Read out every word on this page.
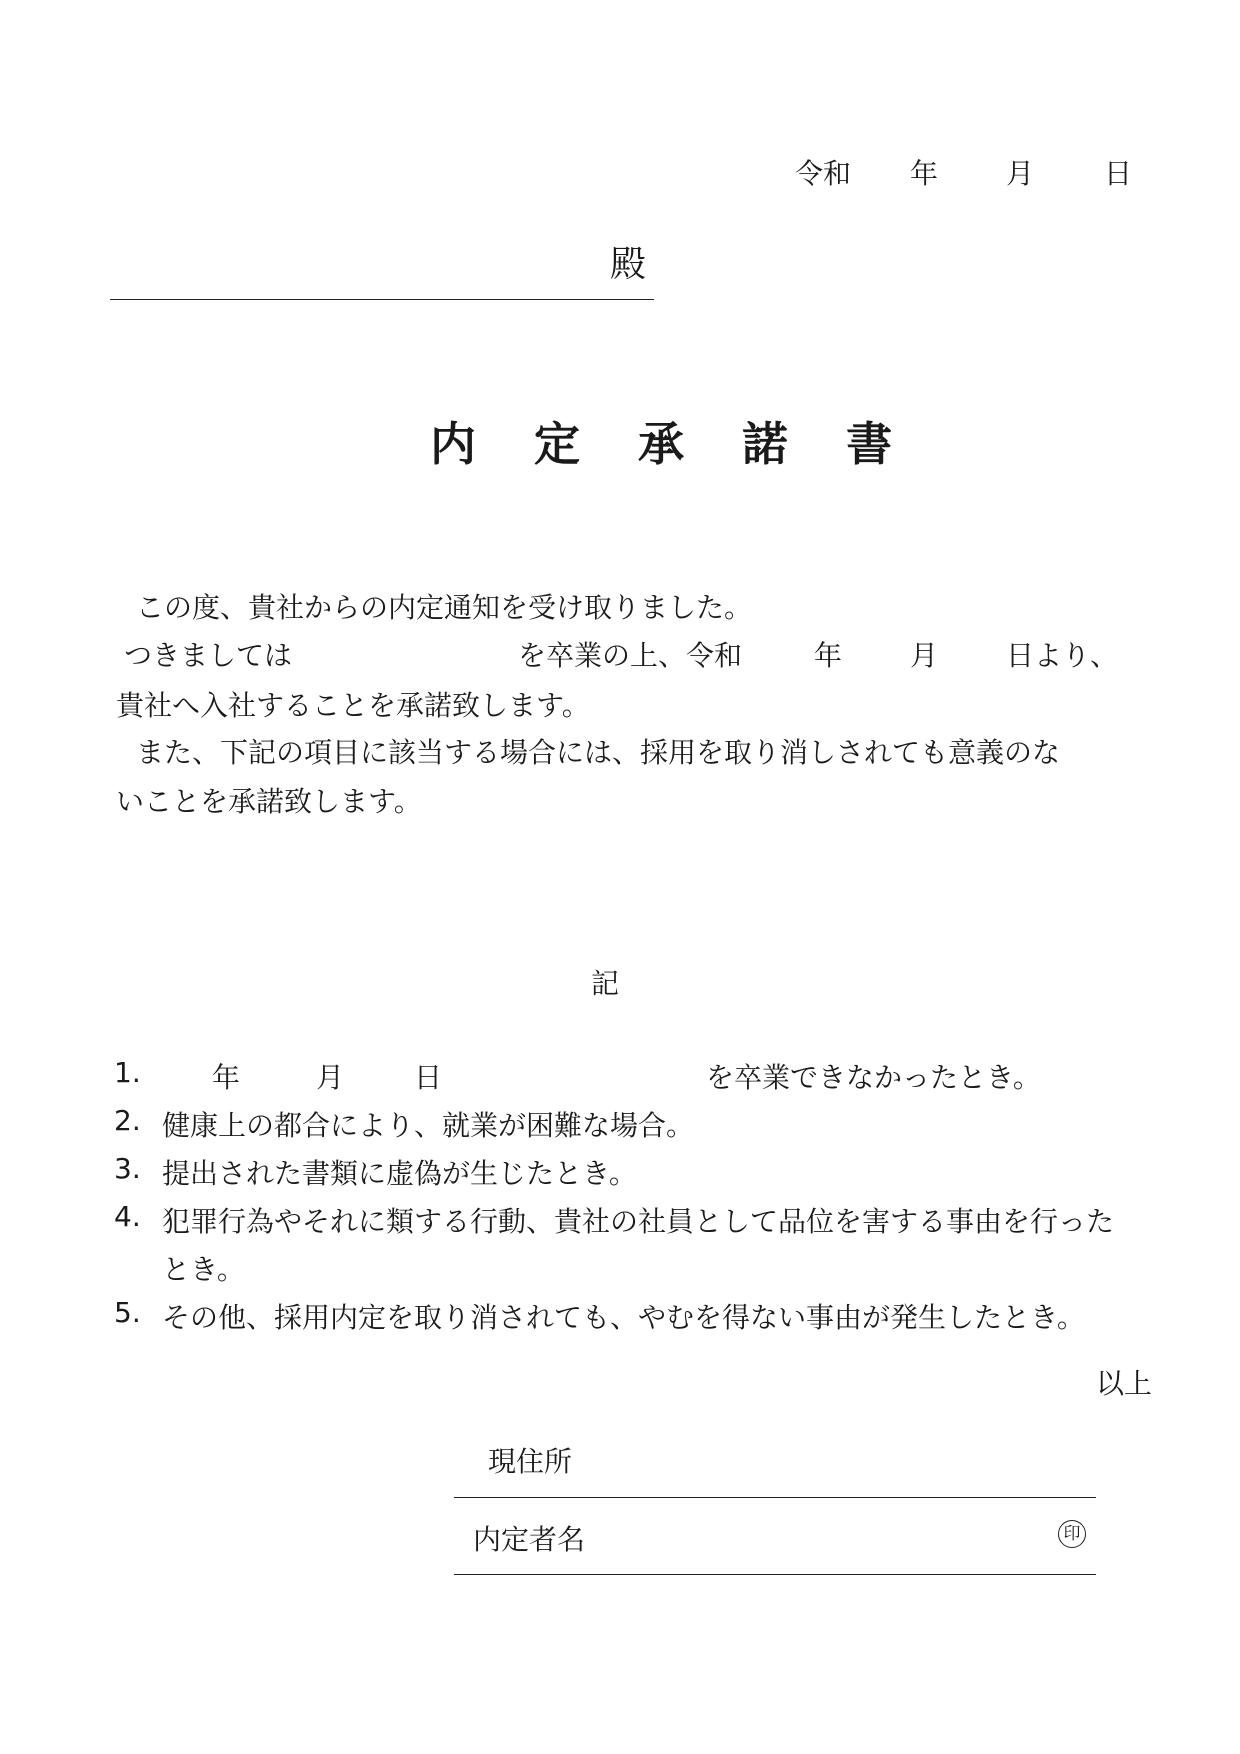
令和 年 月 日
殿
内 定 承 諾 書
この度、貴社からの内定通知を受け取りました。
つきましては	を卒業の上、令和	年 月 日より、
貴社へ入社することを承諾致します。
また、下記の項目に該当する場合には、採用を取り消しされても意義のな
いことを承諾致します。
記
1.	年	月 日	を卒業できなかったとき。
2. 健康上の都合により、就業が困難な場合。
3. 提出された書類に虚偽が生じたとき。
4. 犯罪行為やそれに類する行動、貴社の社員として品位を害する事由を行った
とき。
5. その他、採用内定を取り消されても、やむを得ない事由が発生したとき。
以上
現住所
内定者名	印
